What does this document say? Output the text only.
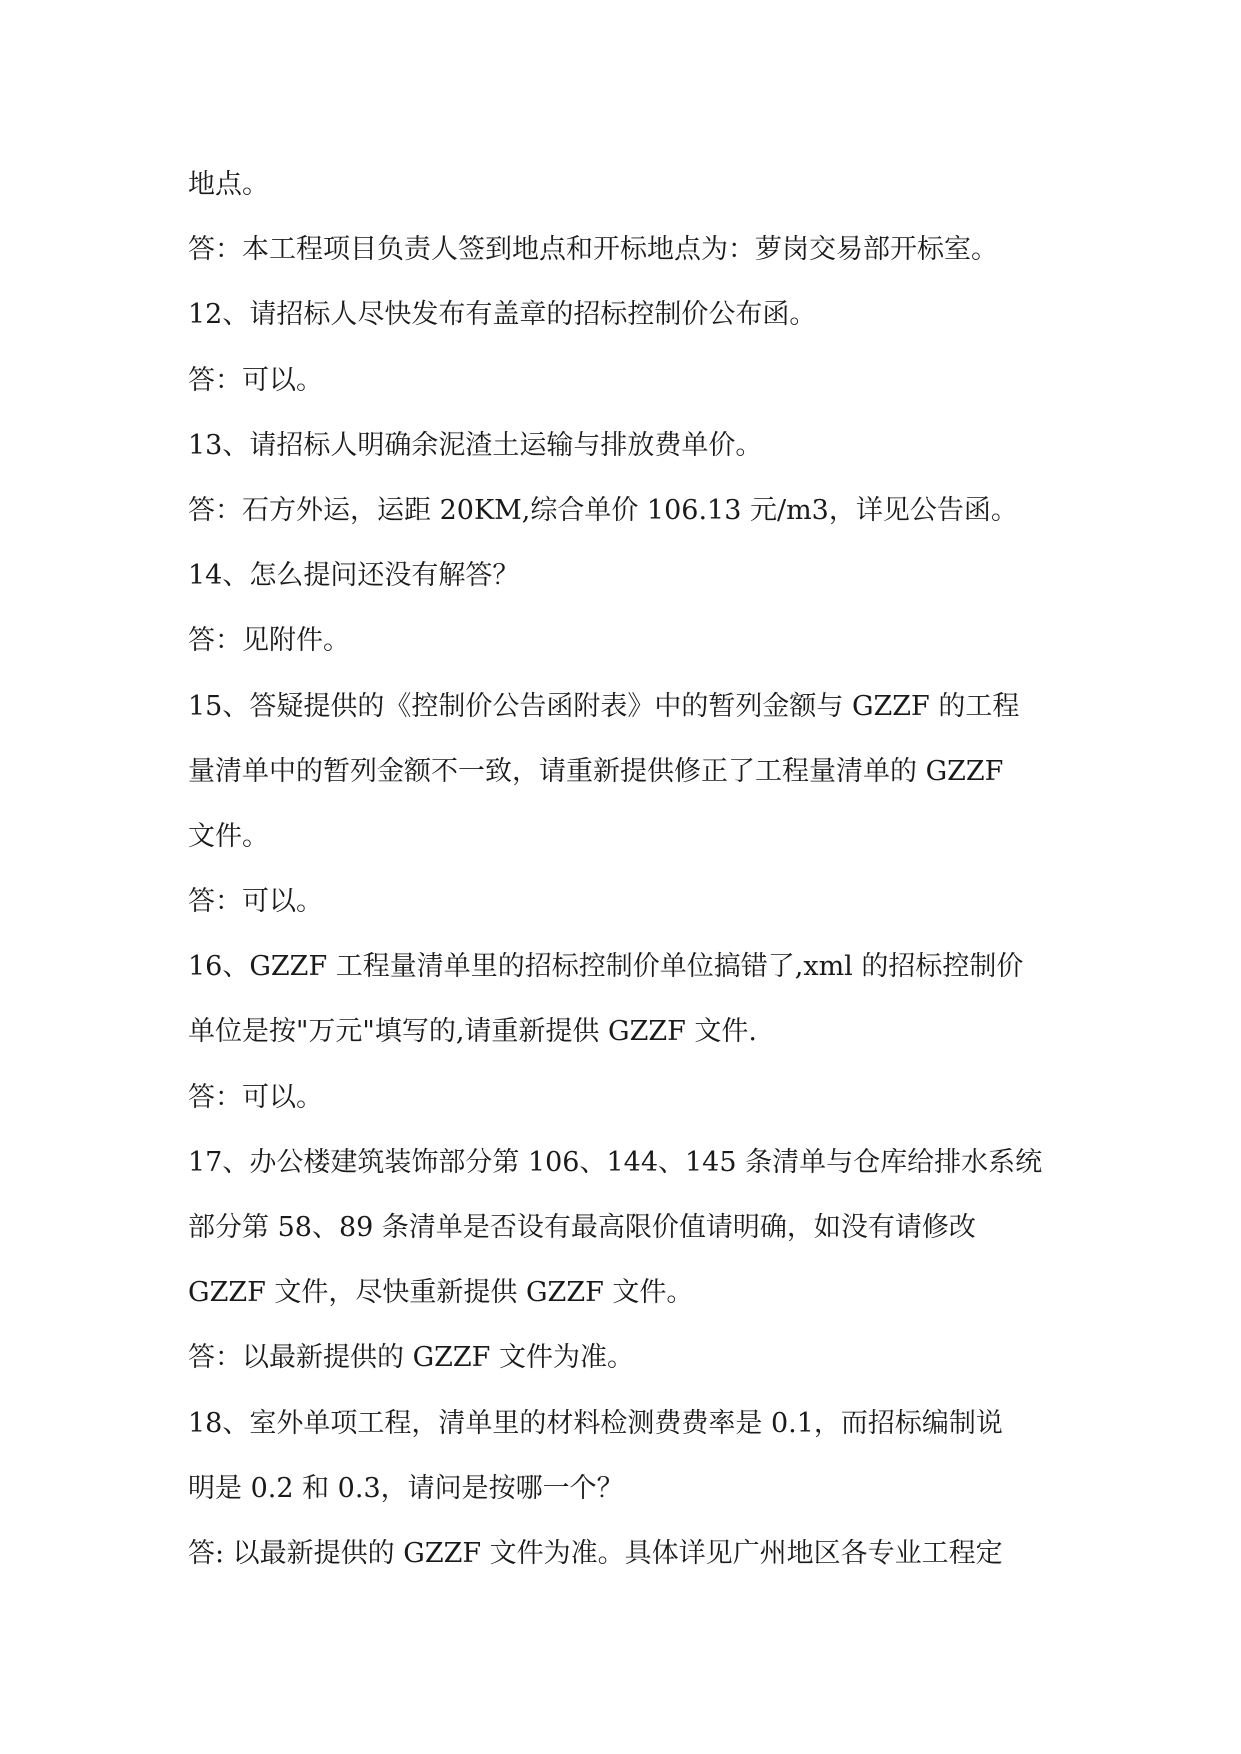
地点。
答：本工程项目负责人签到地点和开标地点为：萝岗交易部开标室。
12、请招标人尽快发布有盖章的招标控制价公布函。
答：可以。
13、请招标人明确余泥渣土运输与排放费单价。
答：石方外运，运距 20KM,综合单价 106.13 元/m3，详见公告函。
14、怎么提问还没有解答？
答：见附件。
15、答疑提供的《控制价公告函附表》中的暂列金额与 GZZF 的工程
量清单中的暂列金额不一致，请重新提供修正了工程量清单的 GZZF
文件。
答：可以。
16、GZZF 工程量清单里的招标控制价单位搞错了,xml 的招标控制价
单位是按"万元"填写的,请重新提供 GZZF 文件.
答：可以。
17、办公楼建筑装饰部分第 106、144、145 条清单与仓库给排水系统
部分第 58、89 条清单是否设有最高限价值请明确，如没有请修改
GZZF 文件，尽快重新提供 GZZF 文件。
答：以最新提供的 GZZF 文件为准。
18、室外单项工程，清单里的材料检测费费率是 0.1，而招标编制说
明是 0.2 和 0.3，请问是按哪一个？
答: 以最新提供的 GZZF 文件为准。具体详见广州地区各专业工程定
